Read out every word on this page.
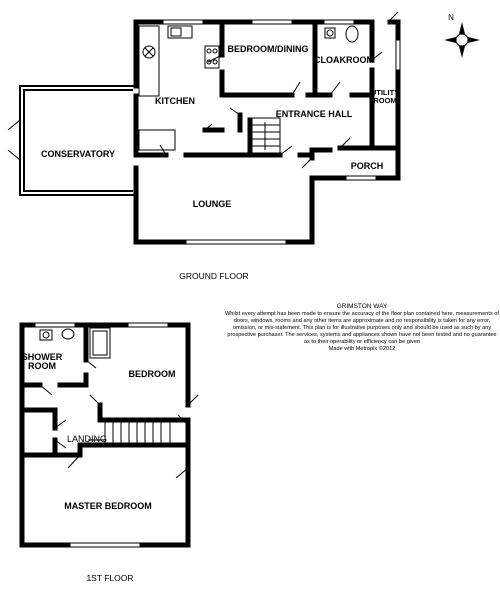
BEDROOM/DINING
CLOAKROOM
KITCHEN
UTILITY
ROOM
ENTRANCE HALL
CONSERVATORY
PORCH
LOUNGE
GROUND FLOOR
SHOWER
ROOM
BEDROOM
LANDING
MASTER BEDROOM
1ST FLOOR
N

GRIMSTON WAY

Whilst every attempt has been made to ensure the accuracy of the floor plan contained here, measurements of doors, windows, rooms and any other items are approximate and no responsibility is taken for any error, omission, or mis-statement. This plan is for illustrative purposes only and should be used as such by any prospective purchaser. The services, systems and appliances shown have not been tested and no guarantee as to their operability or efficiency can be given
Made with Metropix ©2012
